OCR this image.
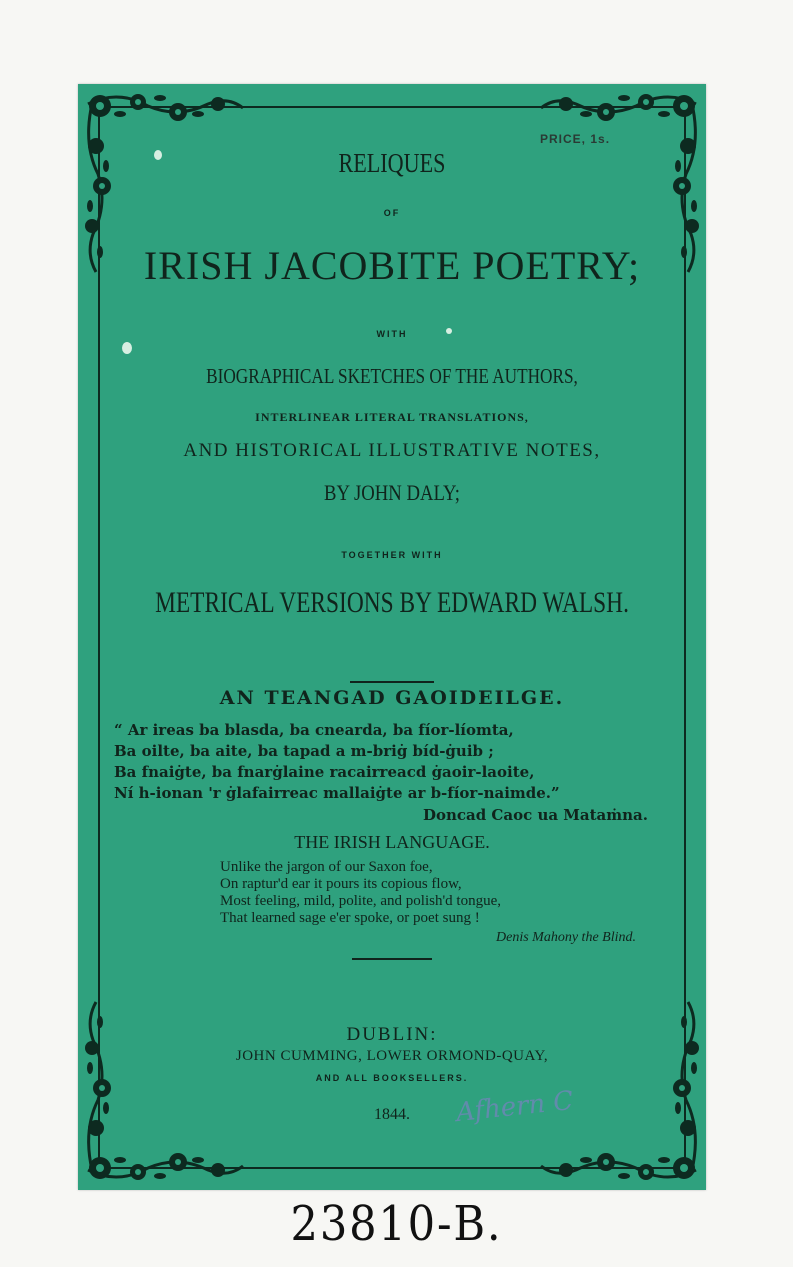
PRICE, 1s.
RELIQUES
OF
IRISH JACOBITE POETRY;
WITH
BIOGRAPHICAL SKETCHES OF THE AUTHORS,
INTERLINEAR LITERAL TRANSLATIONS,
AND HISTORICAL ILLUSTRATIVE NOTES,
BY JOHN DALY;
TOGETHER WITH
METRICAL VERSIONS BY EDWARD WALSH.
AN TEANGAD GAOIDEILGE.
“ Ar ireas ba blasda, ba cnearda, ba fíor-líomta,
Ba oilte, ba aite, ba tapad a m-briġ bíd-ġuib ;
Ba fnaiġte, ba fnarġlaine racairreacd ġaoir-laoite,
Ní h-ionan 'r ġlafairreac mallaiġte ar b-fíor-naimde.”
Doncad Caoc ua Mataṁna.
THE IRISH LANGUAGE.
Unlike the jargon of our Saxon foe,
On raptur'd ear it pours its copious flow,
Most feeling, mild, polite, and polish'd tongue,
That learned sage e'er spoke, or poet sung !
Denis Mahony the Blind.
DUBLIN:
JOHN CUMMING, LOWER ORMOND-QUAY,
AND ALL BOOKSELLERS.
1844.	Afhern C
23810-B.
